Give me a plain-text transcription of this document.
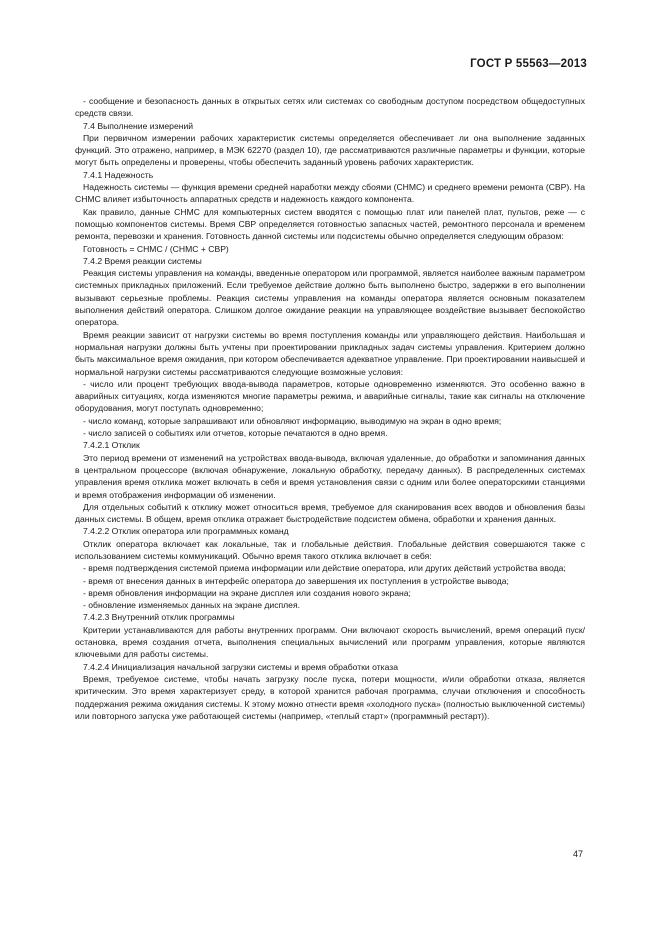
ГОСТ Р 55563—2013

- сообщение и безопасность данных в открытых сетях или системах со свободным доступом посредством общедоступных средств связи.

7.4 Выполнение измерений

При первичном измерении рабочих характеристик системы определяется обеспечивает ли она выполнение заданных функций. Это отражено, например, в МЭК 62270 (раздел 10), где рассматриваются различные параметры и функции, которые могут быть определены и проверены, чтобы обеспечить заданный уровень рабочих характеристик.

7.4.1 Надежность

Надежность системы — функция времени средней наработки между сбоями (СНМС) и среднего времени ремонта (СВР). На СНМС влияет избыточность аппаратных средств и надежность каждого компонента.

Как правило, данные СНМС для компьютерных систем вводятся с помощью плат или панелей плат, пультов, реже — с помощью компонентов системы. Время СВР определяется готовностью запасных частей, ремонтного персонала и временем ремонта, перевозки и хранения. Готовность данной системы или подсистемы обычно определяется следующим образом:

Готовность = СНМС / (СНМС + СВР)

7.4.2 Время реакции системы

Реакция системы управления на команды, введенные оператором или программой, является наиболее важным параметром системных прикладных приложений. Если требуемое действие должно быть выполнено быстро, задержки в его выполнении вызывают серьезные проблемы. Реакция системы управления на команды оператора является основным показателем выполнения действий оператора. Слишком долгое ожидание реакции на управляющее воздействие вызывает беспокойство оператора.

Время реакции зависит от нагрузки системы во время поступления команды или управляющего действия. Наибольшая и нормальная нагрузки должны быть учтены при проектировании прикладных задач системы управления. Критерием должно быть максимальное время ожидания, при котором обеспечивается адекватное управление. При проектировании наивысшей и нормальной нагрузки системы рассматриваются следующие возможные условия:

- число или процент требующих ввода-вывода параметров, которые одновременно изменяются. Это особенно важно в аварийных ситуациях, когда изменяются многие параметры режима, и аварийные сигналы, такие как сигналы на отключение оборудования, могут поступать одновременно;

- число команд, которые запрашивают или обновляют информацию, выводимую на экран в одно время;

- число записей о событиях или отчетов, которые печатаются в одно время.

7.4.2.1 Отклик

Это период времени от изменений на устройствах ввода-вывода, включая удаленные, до обработки и запоминания данных в центральном процессоре (включая обнаружение, локальную обработку, передачу данных). В распределенных системах управления время отклика может включать в себя и время установления связи с одним или более операторскими станциями и время отображения информации об изменении.

Для отдельных событий к отклику может относиться время, требуемое для сканирования всех вводов и обновления базы данных системы. В общем, время отклика отражает быстродействие подсистем обмена, обработки и хранения данных.

7.4.2.2 Отклик оператора или программных команд

Отклик оператора включает как локальные, так и глобальные действия. Глобальные действия совершаются также с использованием системы коммуникаций. Обычно время такого отклика включает в себя:

- время подтверждения системой приема информации или действие оператора, или других действий устройства ввода;

- время от внесения данных в интерфейс оператора до завершения их поступления в устройстве вывода;

- время обновления информации на экране дисплея или создания нового экрана;

- обновление изменяемых данных на экране дисплея.

7.4.2.3 Внутренний отклик программы

Критерии устанавливаются для работы внутренних программ. Они включают скорость вычислений, время операций пуск/остановка, время создания отчета, выполнения специальных вычислений или программ управления, которые являются ключевыми для работы системы.

7.4.2.4 Инициализация начальной загрузки системы и время обработки отказа

Время, требуемое системе, чтобы начать загрузку после пуска, потери мощности, и/или обработки отказа, является критическим. Это время характеризует среду, в которой хранится рабочая программа, случаи отключения и способность поддержания режима ожидания системы. К этому можно отнести время «холодного пуска» (полностью выключенной системы) или повторного запуска уже работающей системы (например, «теплый старт» (программный рестарт)).

47
